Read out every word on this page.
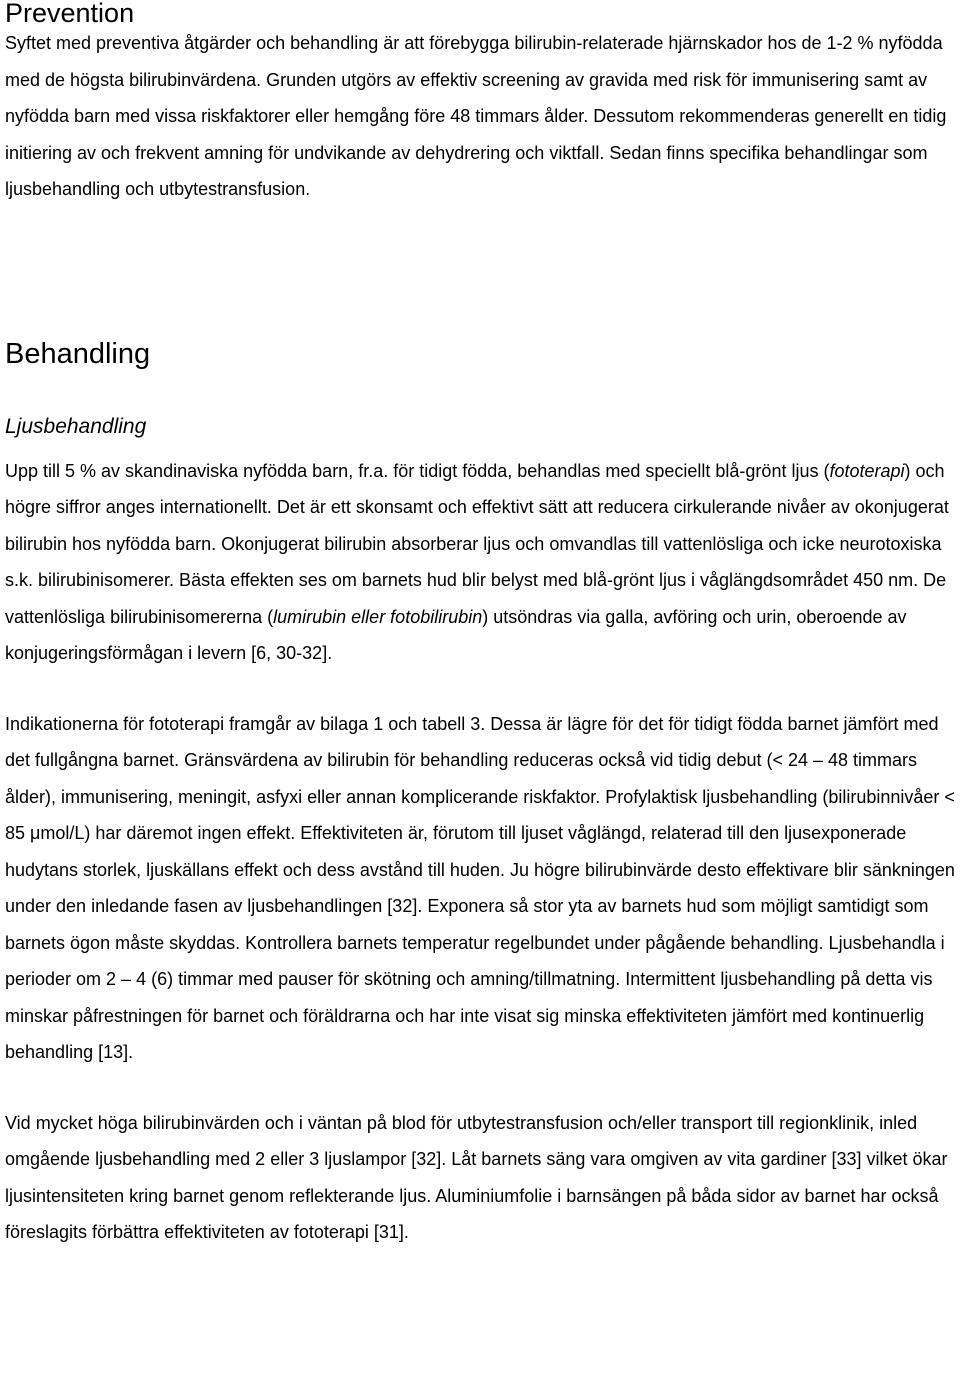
Prevention

Syftet med preventiva åtgärder och behandling är att förebygga bilirubin-relaterade hjärnskador hos de 1-2 % nyfödda med de högsta bilirubinvärdena. Grunden utgörs av effektiv screening av gravida med risk för immunisering samt av nyfödda barn med vissa riskfaktorer eller hemgång före 48 timmars ålder. Dessutom rekommenderas generellt en tidig initiering av och frekvent amning för undvikande av dehydrering och viktfall. Sedan finns specifika behandlingar som ljusbehandling och utbytestransfusion.

Behandling
Ljusbehandling

Upp till 5 % av skandinaviska nyfödda barn, fr.a. för tidigt födda, behandlas med speciellt blå-grönt ljus (fototerapi) och högre siffror anges internationellt. Det är ett skonsamt och effektivt sätt att reducera cirkulerande nivåer av okonjugerat bilirubin hos nyfödda barn. Okonjugerat bilirubin absorberar ljus och omvandlas till vattenlösliga och icke neurotoxiska s.k. bilirubinisomerer. Bästa effekten ses om barnets hud blir belyst med blå-grönt ljus i våglängdsområdet 450 nm. De vattenlösliga bilirubinisomererna (lumirubin eller fotobilirubin) utsöndras via galla, avföring och urin, oberoende av konjugeringsförmågan i levern [6, 30-32].

Indikationerna för fototerapi framgår av bilaga 1 och tabell 3. Dessa är lägre för det för tidigt födda barnet jämfört med det fullgångna barnet. Gränsvärdena av bilirubin för behandling reduceras också vid tidig debut (< 24 – 48 timmars ålder), immunisering, meningit, asfyxi eller annan komplicerande riskfaktor. Profylaktisk ljusbehandling (bilirubinnivåer < 85 μmol/L) har däremot ingen effekt. Effektiviteten är, förutom till ljuset våglängd, relaterad till den ljusexponerade hudytans storlek, ljuskällans effekt och dess avstånd till huden. Ju högre bilirubinvärde desto effektivare blir sänkningen under den inledande fasen av ljusbehandlingen [32]. Exponera så stor yta av barnets hud som möjligt samtidigt som barnets ögon måste skyddas. Kontrollera barnets temperatur regelbundet under pågående behandling. Ljusbehandla i perioder om 2 – 4 (6) timmar med pauser för skötning och amning/tillmatning. Intermittent ljusbehandling på detta vis minskar påfrestningen för barnet och föräldrarna och har inte visat sig minska effektiviteten jämfört med kontinuerlig behandling [13].

Vid mycket höga bilirubinvärden och i väntan på blod för utbytestransfusion och/eller transport till regionklinik, inled omgående ljusbehandling med 2 eller 3 ljuslampor [32]. Låt barnets säng vara omgiven av vita gardiner [33] vilket ökar ljusintensiteten kring barnet genom reflekterande ljus. Aluminiumfolie i barnsängen på båda sidor av barnet har också föreslagits förbättra effektiviteten av fototerapi [31].
